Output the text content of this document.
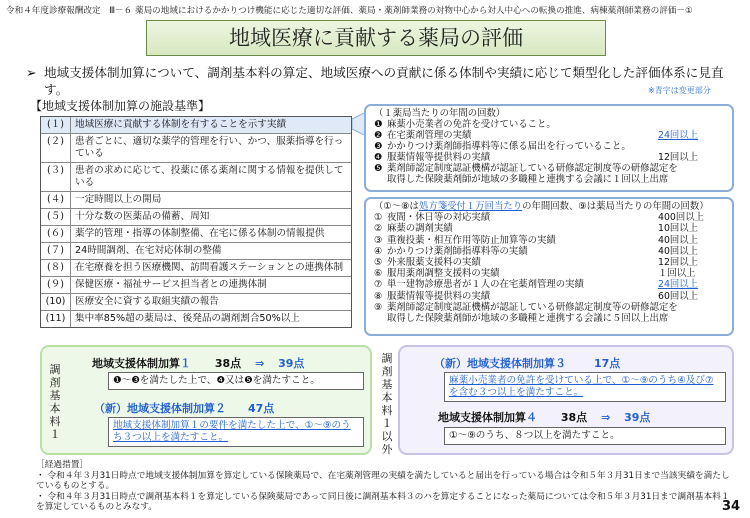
令和４年度診療報酬改定　Ⅲ－６ 薬局の地域におけるかかりつけ機能に応じた適切な評価、薬局・薬剤師業務の対物中心から対人中心への転換の推進、病棟薬剤師業務の評価－①
地域医療に貢献する薬局の評価
➢ 地域支援体制加算について、調剤基本料の算定、地域医療への貢献に係る体制や実績に応じて類型化した評価体系に見直す。	※青字は変更部分
【地域支援体制加算の施設基準】
(１)	地域医療に貢献する体制を有することを示す実績
(２)	患者ごとに、適切な薬学的管理を行い、かつ、服薬指導を行っている
(３)	患者の求めに応じて、投薬に係る薬剤に関する情報を提供している
(４)	一定時間以上の開局
(５)	十分な数の医薬品の備蓄、周知
(６)	薬学的管理・指導の体制整備、在宅に係る体制の情報提供
(７)	24時間調剤、在宅対応体制の整備
(８)	在宅療養を担う医療機関、訪問看護ステーションとの連携体制
(９)	保健医療・福祉サービス担当者との連携体制
(10)	医療安全に資する取組実績の報告
(11)	集中率85%超の薬局は、後発品の調剤割合50%以上
（１薬局当たりの年間の回数）
❶ 麻薬小売業者の免許を受けていること。
❷ 在宅薬剤管理の実績	24回以上
❸ かかりつけ薬剤師指導料等に係る届出を行っていること。
❹ 服薬情報等提供料の実績	12回以上
❺ 薬剤師認定制度認証機構が認証している研修認定制度等の研修認定を
取得した保険薬剤師が地域の多職種と連携する会議に１回以上出席
（①～⑧は処方箋受付１万回当たりの年間回数、⑨は薬局当たりの年間の回数）
① 夜間・休日等の対応実績	400回以上
② 麻薬の調剤実績	10回以上
③ 重複投薬・相互作用等防止加算等の実績	40回以上
④ かかりつけ薬剤師指導料等の実績	40回以上
⑤ 外来服薬支援料の実績	12回以上
⑥ 服用薬剤調整支援料の実績	１回以上
⑦ 単一建物診療患者が１人の在宅薬剤管理の実績	24回以上
⑧ 服薬情報等提供料の実績	60回以上
⑨ 薬剤師認定制度認証機構が認証している研修認定制度等の研修認定を
取得した保険薬剤師が地域の多職種と連携する会議に５回以上出席
調
剤
基
本
料
１
地域支援体制加算１ 38点 ⇒ 39点
❶～❸を満たした上で、❹又は❺を満たすこと。
（新）地域支援体制加算２ 47点
地域支援体制加算１の要件を満たした上で、①～⑨のうち３つ以上を満たすこと。
調
剤
基
本
料
１
以
外
（新）地域支援体制加算３	17点
麻薬小売業者の免許を受けている上で、①～⑨のうち④及び⑦を含む３つ以上を満たすこと。
地域支援体制加算４ 38点 ⇒ 39点
①～⑨のうち、８つ以上を満たすこと。
［経過措置］
・ 令和４年３月31日時点で地域支援体制加算を算定している保険薬局で、在宅薬剤管理の実績を満たしていると届出を行っている場合は令和５年３月31日まで当該実績を満たしているものとする。
・ 令和４年３月31日時点で調剤基本料１を算定している保険薬局であって同日後に調剤基本料３のハを算定することになった薬局については令和５年３月31日まで調剤基本料１を算定しているものとみなす。	34
